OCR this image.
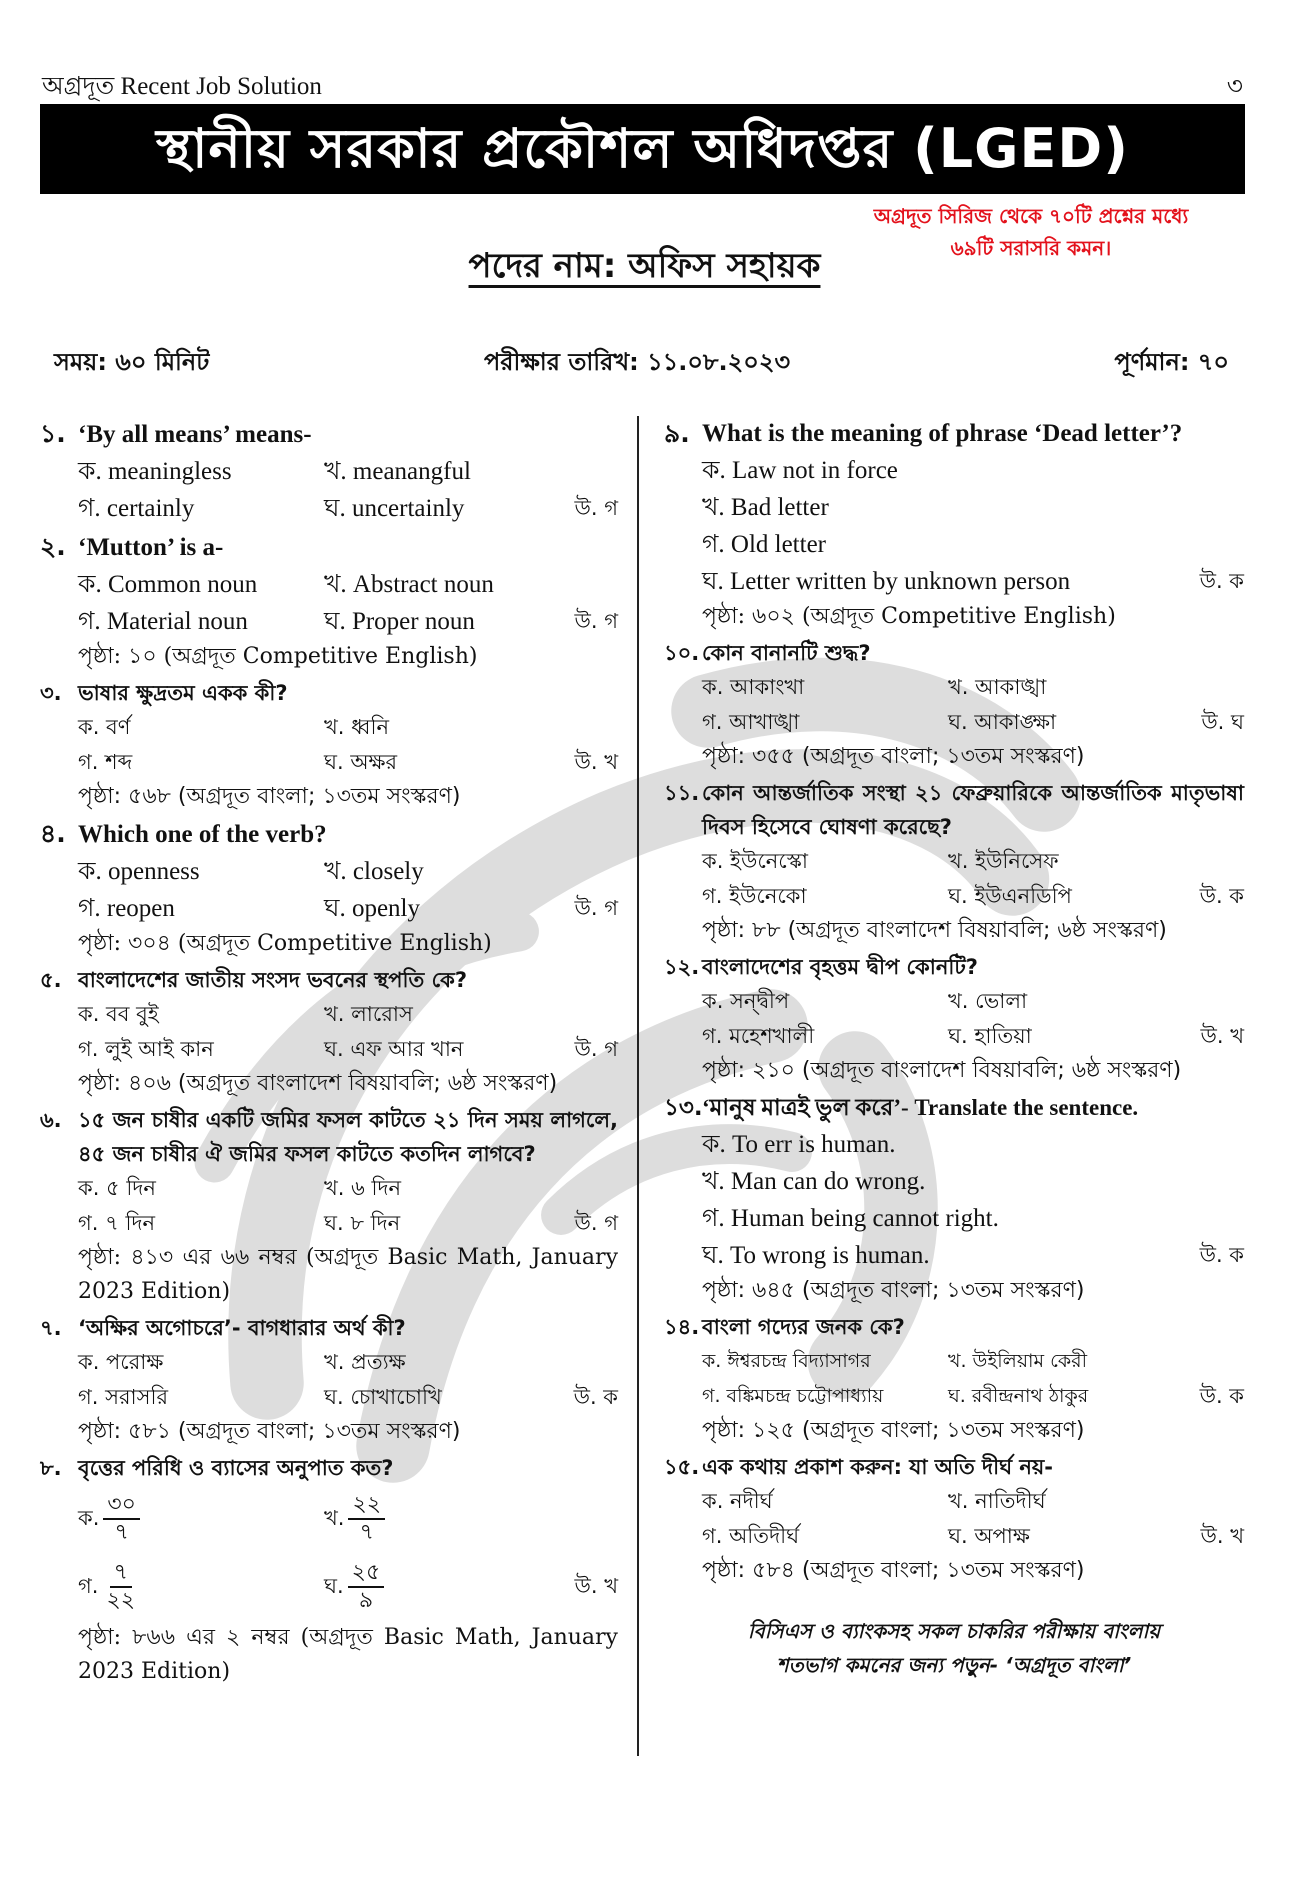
অগ্রদূত Recent Job Solution	৩
স্থানীয় সরকার প্রকৌশল অধিদপ্তর (LGED)
অগ্রদূত সিরিজ থেকে ৭০টি প্রশ্নের মধ্যে
৬৯টি সরাসরি কমন।
পদের নাম: অফিস সহায়ক
সময়: ৬০ মিনিট	পরীক্ষার তারিখ: ১১.০৮.২০২৩	পূর্ণমান: ৭০
১. ‘By all means’ means-
ক. meaningless	খ. meanangful
গ. certainly	ঘ. uncertainly	উ. গ
২. ‘Mutton’ is a-
ক. Common noun	খ. Abstract noun
গ. Material noun	ঘ. Proper noun	উ. গ
পৃষ্ঠা: ১০ (অগ্রদূত Competitive English)
৩. ভাষার ক্ষুদ্রতম একক কী?
ক. বর্ণ	খ. ধ্বনি
গ. শব্দ	ঘ. অক্ষর	উ. খ
পৃষ্ঠা: ৫৬৮ (অগ্রদূত বাংলা; ১৩তম সংস্করণ)
৪. Which one of the verb?
ক. openness	খ. closely
গ. reopen	ঘ. openly	উ. গ
পৃষ্ঠা: ৩০৪ (অগ্রদূত Competitive English)
৫. বাংলাদেশের জাতীয় সংসদ ভবনের স্থপতি কে?
ক. বব বুই	খ. লারোস
গ. লুই আই কান	ঘ. এফ আর খান	উ. গ
পৃষ্ঠা: ৪০৬ (অগ্রদূত বাংলাদেশ বিষয়াবলি; ৬ষ্ঠ সংস্করণ)
৬. ১৫ জন চাষীর একটি জমির ফসল কাটতে ২১ দিন সময় লাগলে, ৪৫ জন চাষীর ঐ জমির ফসল কাটতে কতদিন লাগবে?
ক. ৫ দিন	খ. ৬ দিন
গ. ৭ দিন	ঘ. ৮ দিন	উ. গ
পৃষ্ঠা: ৪১৩ এর ৬৬ নম্বর (অগ্রদূত Basic Math, January 2023 Edition)
৭. ‘অক্ষির অগোচরে’- বাগধারার অর্থ কী?
ক. পরোক্ষ	খ. প্রত্যক্ষ
গ. সরাসরি	ঘ. চোখাচোখি	উ. ক
পৃষ্ঠা: ৫৮১ (অগ্রদূত বাংলা; ১৩তম সংস্করণ)
৮. বৃত্তের পরিধি ও ব্যাসের অনুপাত কত?
ক. $\frac{৩০}{৭}$	খ. $\frac{২২}{৭}$
গ. $\frac{৭}{২২}$	ঘ. $\frac{২৫}{৯}$	উ. খ
পৃষ্ঠা: ৮৬৬ এর ২ নম্বর (অগ্রদূত Basic Math, January 2023 Edition)
৯. What is the meaning of phrase ‘Dead letter’?
ক. Law not in force
খ. Bad letter
গ. Old letter
ঘ. Letter written by unknown person	উ. ক
পৃষ্ঠা: ৬০২ (অগ্রদূত Competitive English)
১০. কোন বানানটি শুদ্ধ?
ক. আকাংখা	খ. আকাঙ্খা
গ. আখাঙ্খা	ঘ. আকাঙ্ক্ষা	উ. ঘ
পৃষ্ঠা: ৩৫৫ (অগ্রদূত বাংলা; ১৩তম সংস্করণ)
১১. কোন আন্তর্জাতিক সংস্থা ২১ ফেব্রুয়ারিকে আন্তর্জাতিক মাতৃভাষা দিবস হিসেবে ঘোষণা করেছে?
ক. ইউনেস্কো	খ. ইউনিসেফ
গ. ইউনেকো	ঘ. ইউএনডিপি	উ. ক
পৃষ্ঠা: ৮৮ (অগ্রদূত বাংলাদেশ বিষয়াবলি; ৬ষ্ঠ সংস্করণ)
১২. বাংলাদেশের বৃহত্তম দ্বীপ কোনটি?
ক. সন্দ্বীপ	খ. ভোলা
গ. মহেশখালী	ঘ. হাতিয়া	উ. খ
পৃষ্ঠা: ২১০ (অগ্রদূত বাংলাদেশ বিষয়াবলি; ৬ষ্ঠ সংস্করণ)
১৩.‘মানুষ মাত্রই ভুল করে’- Translate the sentence.
ক. To err is human.
খ. Man can do wrong.
গ. Human being cannot right.
ঘ. To wrong is human.	উ. ক
পৃষ্ঠা: ৬৪৫ (অগ্রদূত বাংলা; ১৩তম সংস্করণ)
১৪. বাংলা গদ্যের জনক কে?
ক. ঈশ্বরচন্দ্র বিদ্যাসাগর	খ. উইলিয়াম কেরী
গ. বঙ্কিমচন্দ্র চট্টোপাধ্যায়	ঘ. রবীন্দ্রনাথ ঠাকুর	উ. ক
পৃষ্ঠা: ১২৫ (অগ্রদূত বাংলা; ১৩তম সংস্করণ)
১৫. এক কথায় প্রকাশ করুন: যা অতি দীর্ঘ নয়-
ক. নদীর্ঘ	খ. নাতিদীর্ঘ
গ. অতিদীর্ঘ	ঘ. অপাক্ষ	উ. খ
পৃষ্ঠা: ৫৮৪ (অগ্রদূত বাংলা; ১৩তম সংস্করণ)
বিসিএস ও ব্যাংকসহ সকল চাকরির পরীক্ষায় বাংলায়
শতভাগ কমনের জন্য পড়ুন- ‘অগ্রদূত বাংলা’
